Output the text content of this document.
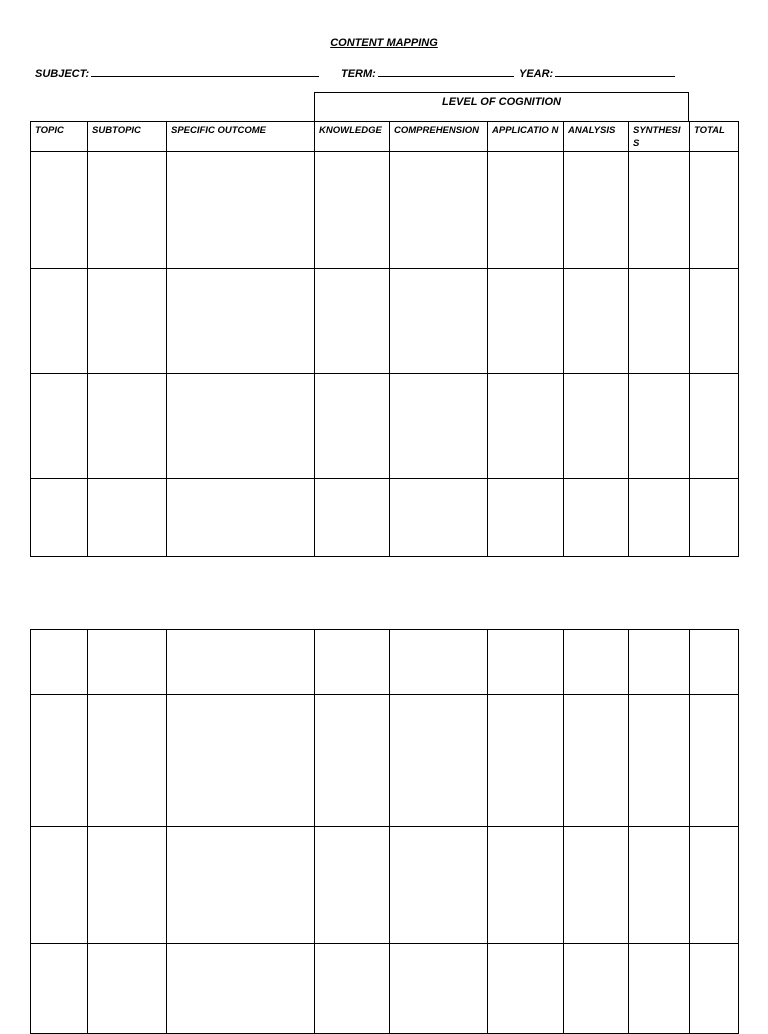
CONTENT MAPPING
SUBJECT:	TERM:	YEAR:
LEVEL OF COGNITION
TOPIC	SUBTOPIC	SPECIFIC OUTCOME	KNOWLEDGE	COMPREHENSION	APPLICATIO N	ANALYSIS	SYNTHESIS	TOTAL
